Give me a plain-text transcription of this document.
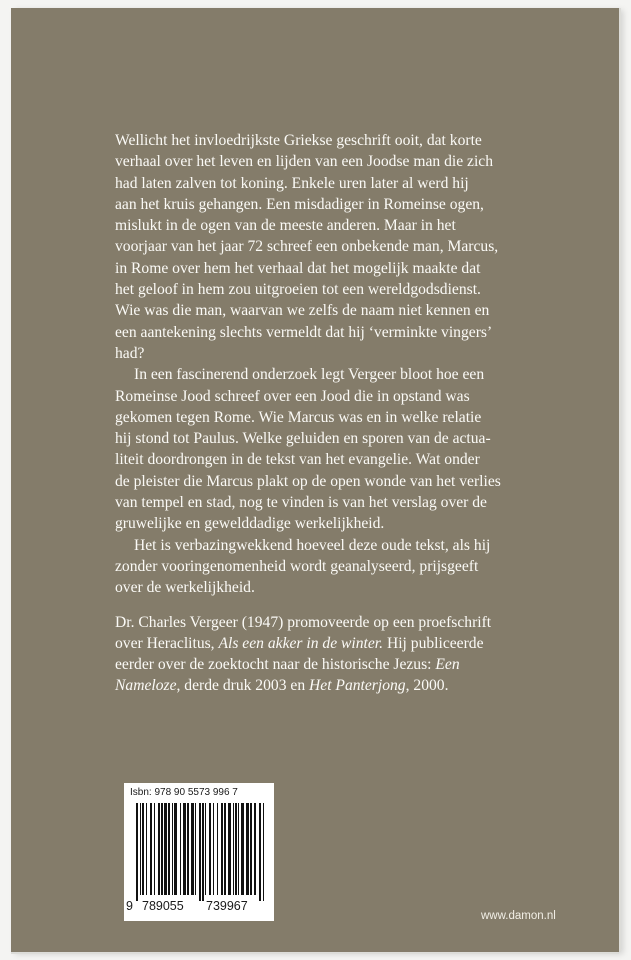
Wellicht het invloedrijkste Griekse geschrift ooit, dat korte
verhaal over het leven en lijden van een Joodse man die zich
had laten zalven tot koning. Enkele uren later al werd hij
aan het kruis gehangen. Een misdadiger in Romeinse ogen,
mislukt in de ogen van de meeste anderen. Maar in het
voorjaar van het jaar 72 schreef een onbekende man, Marcus,
in Rome over hem het verhaal dat het mogelijk maakte dat
het geloof in hem zou uitgroeien tot een wereldgodsdienst.
Wie was die man, waarvan we zelfs de naam niet kennen en
een aantekening slechts vermeldt dat hij ‘verminkte vingers’
had?

In een fascinerend onderzoek legt Vergeer bloot hoe een
Romeinse Jood schreef over een Jood die in opstand was
gekomen tegen Rome. Wie Marcus was en in welke relatie
hij stond tot Paulus. Welke geluiden en sporen van de actua-
liteit doordrongen in de tekst van het evangelie. Wat onder
de pleister die Marcus plakt op de open wonde van het verlies
van tempel en stad, nog te vinden is van het verslag over de
gruwelijke en gewelddadige werkelijkheid.

Het is verbazingwekkend hoeveel deze oude tekst, als hij
zonder vooringenomenheid wordt geanalyseerd, prijsgeeft
over de werkelijkheid.

Dr. Charles Vergeer (1947) promoveerde op een proefschrift
over Heraclitus, Als een akker in de winter. Hij publiceerde
eerder over de zoektocht naar de historische Jezus: Een
Nameloze, derde druk 2003 en Het Panterjong, 2000.

Isbn: 978 90 5573 996 7
9 789055 739967
www.damon.nl
